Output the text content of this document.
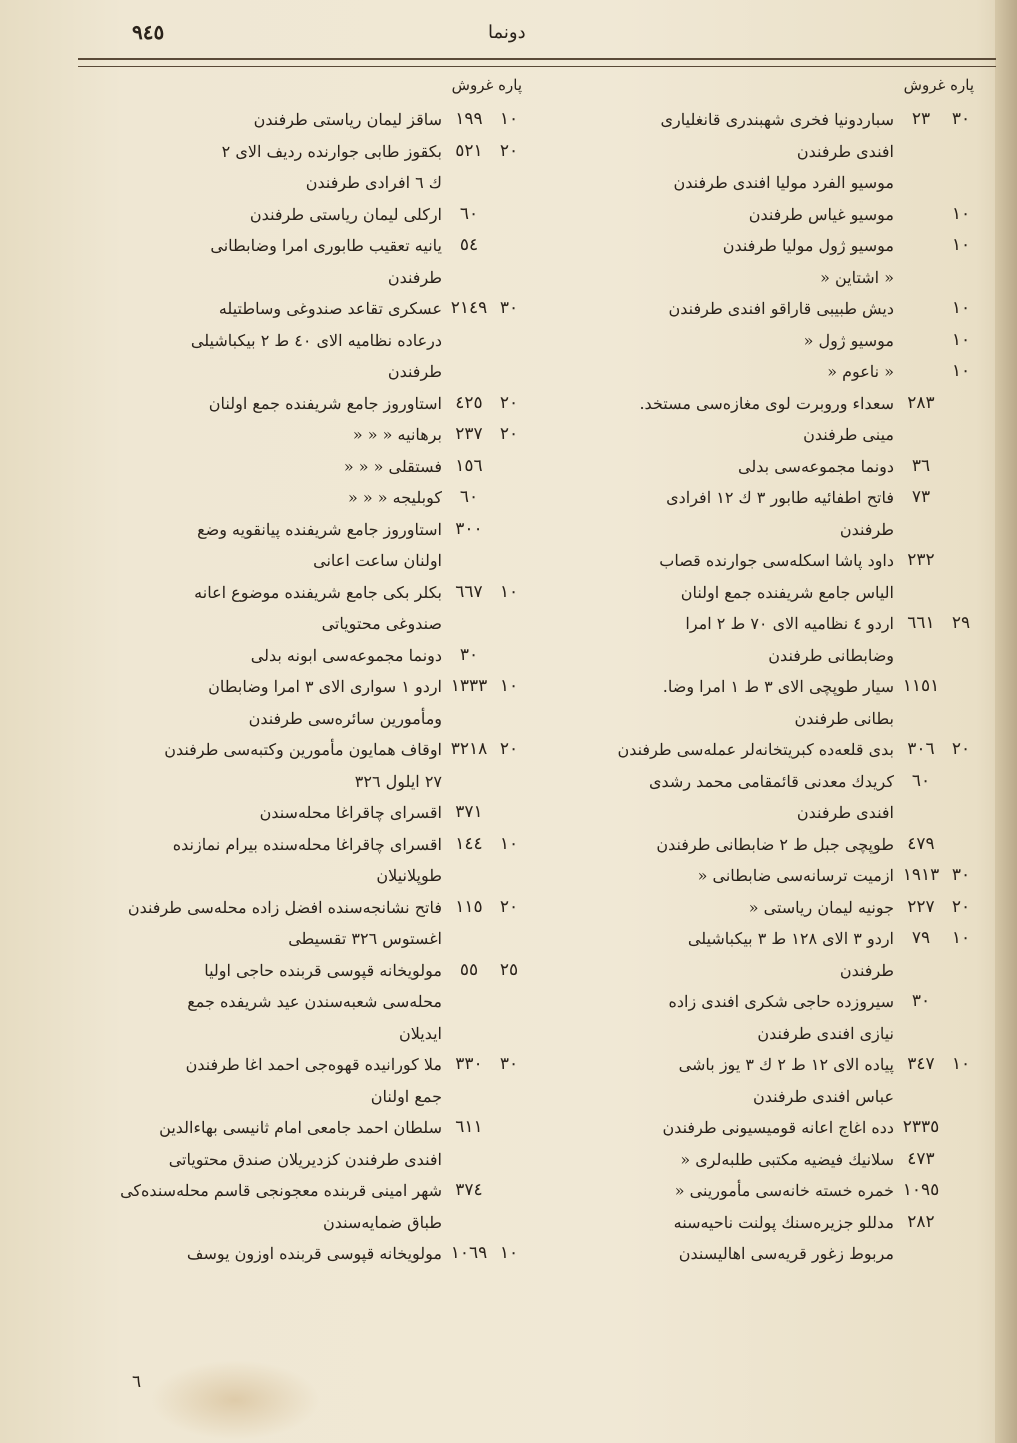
٩٤٥	دونما
پاره غروش
٣٠
٢٣
سباردونیا فخری شهبندری قانغلیاری
افندی طرفندن
موسیو الفرد مولیا افندی طرفندن
١٠
موسیو غیاس طرفندن
١٠
موسیو ژول مولیا طرفندن
« اشتاین «
١٠
دیش طبیبی قاراقو افندی طرفندن
١٠
موسیو ژول «
١٠
« ناعوم «
٢٨٣
سعداء وروبرت لوی مغازه‌سی مستخد.
مینی طرفندن
٣٦
دونما مجموعه‌سی بدلی
٧٣
فاتح اطفائیه طابور ٣ ك ١٢ افرادی
طرفندن
٢٣٢
داود پاشا اسکله‌سی جوارنده قصاب
الیاس جامع شریفنده جمع اولنان
٢٩
٦٦١
اردو ٤ نظامیه الای ٧٠ ط ٢ امرا
وضابطانی طرفندن
١١٥١
سیار طوپچی الای ٣ ط ١ امرا وضا.
بطانی طرفندن
٢٠
٣٠٦
بدی قلعه‌ده کبریتخانه‌لر عمله‌سی طرفندن
٦٠
کریدك معدنی قائمقامی محمد رشدی
افندی طرفندن
٤٧٩
طوپچی جبل ط ٢ ضابطانی طرفندن
٣٠
١٩١٣
ازمیت ترسانه‌سی ضابطانی «
٢٠
٢٢٧
جونیه لیمان ریاستی «
١٠
٧٩
اردو ٣ الای ١٢٨ ط ٣ بیکباشیلی
طرفندن
٣٠
سیروزده حاجی شکری افندی زاده
نیازی افندی طرفندن
١٠
٣٤٧
پیاده الای ١٢ ط ٢ ك ٣ یوز باشی
عباس افندی طرفندن
٢٣٣٥
دده اغاج اعانه قومیسیونی طرفندن
٤٧٣
سلانیك فیضیه مکتبی طلبه‌لری «
١٠٩٥
خمره خسته خانه‌سی مأمورینی «
٢٨٢
مدللو جزیره‌سنك پولنت ناحیه‌سنه
مربوط زغور قریه‌سی اهالیسندن
پاره غروش
١٠
١٩٩
ساقز لیمان ریاستی طرفندن
٢٠
٥٢١
بکقوز طابی جوارنده ردیف الای ٢
ك ٦ افرادی طرفندن
٦٠
ارکلی لیمان ریاستی طرفندن
٥٤
یانیه تعقیب طابوری امرا وضابطانی
طرفندن
٣٠
٢١٤٩
عسکری تقاعد صندوغی وساطتیله
درعاده نظامیه الای ٤٠ ط ٢ بیکباشیلی
طرفندن
٢٠
٤٢٥
استاوروز جامع شریفنده جمع اولنان
٢٠
٢٣٧
برهانیه « « «
١٥٦
فستقلی « « «
٦٠
کوبلیجه « « «
٣٠٠
استاوروز جامع شریفنده پیانقویه وضع
اولنان ساعت اعانی
١٠
٦٦٧
بکلر بکی جامع شریفنده موضوع اعانه
صندوغی محتویاتی
٣٠
دونما مجموعه‌سی ابونه بدلی
١٠
١٣٣٣
اردو ١ سواری الای ٣ امرا وضابطان
ومأمورین سائره‌سی طرفندن
٢٠
٣٢١٨
اوقاف همایون مأمورین وکتبه‌سی طرفندن
٢٧ ایلول ٣٢٦
٣٧١
اقسرای چاقراغا محله‌سندن
١٠
١٤٤
اقسرای چاقراغا محله‌سنده بیرام نمازنده
طوپلانیلان
٢٠
١١٥
فاتح نشانجه‌سنده افضل زاده محله‌سی طرفندن
اغستوس ٣٢٦ تقسیطی
٢٥
٥٥
مولویخانه قپوسی قربنده حاجی اولیا
محله‌سی شعبه‌سندن عید شریفده جمع
ایدیلان
٣٠
٣٣٠
ملا کورانیده قهوه‌جی احمد اغا طرفندن
جمع اولنان
٦١١
سلطان احمد جامعی امام ثانیسی بهاءالدین
افندی طرفندن کزدیریلان صندق محتویاتی
٣٧٤
شهر امینی قربنده معجونجی قاسم محله‌سنده‌کی
طباق ضمایه‌سندن
١٠
١٠٦٩
مولویخانه قپوسی قربنده اوزون یوسف
٦
